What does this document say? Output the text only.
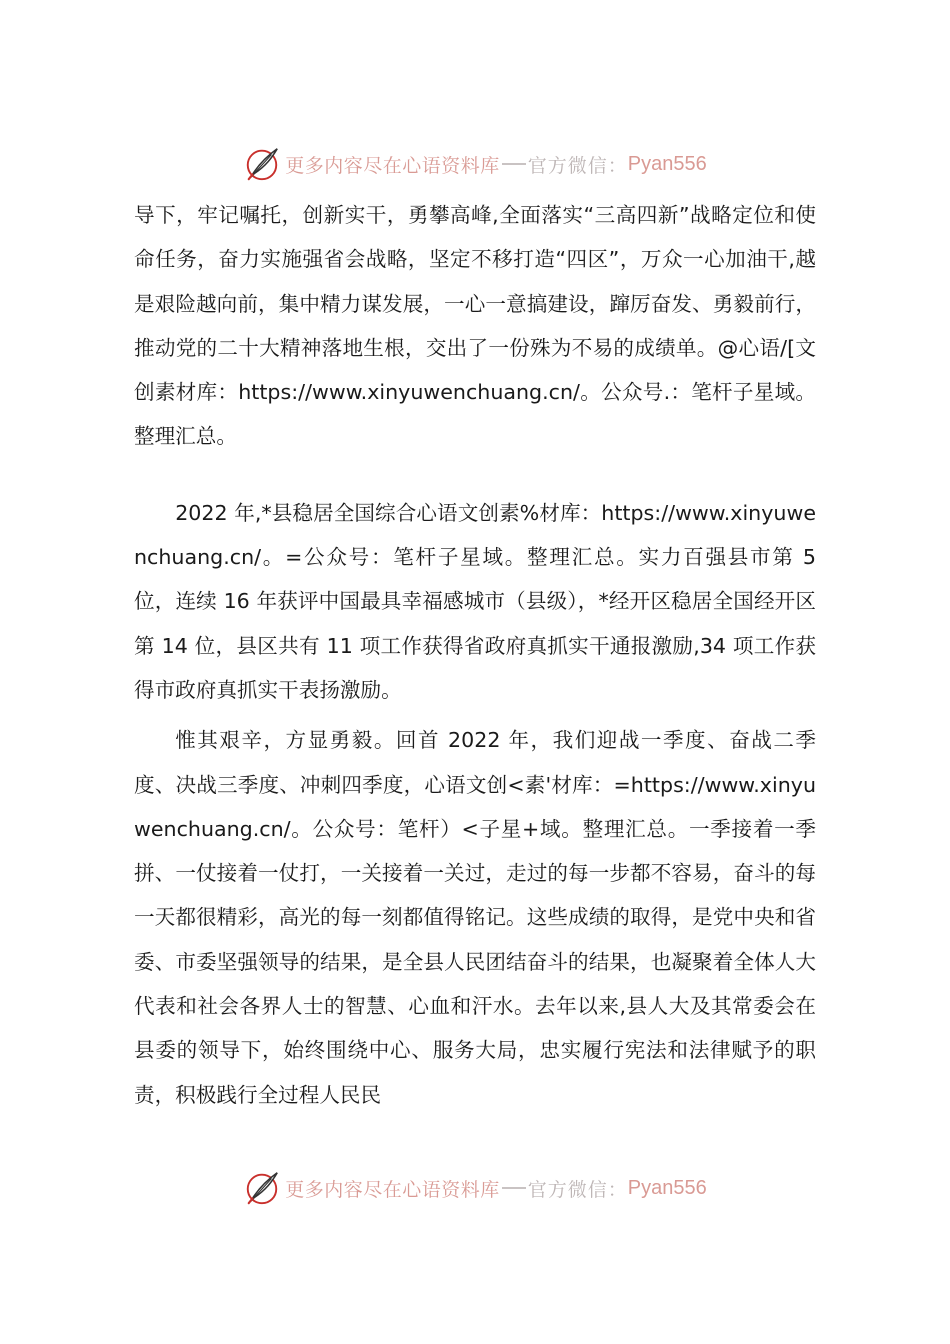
更多内容尽在心语资料库 官方微信： Pyan556

导下，牢记嘱托，创新实干，勇攀高峰,全面落实“三高四新”战略定位和使命任务，奋力实施强省会战略，坚定不移打造“四区”，万众一心加油干,越是艰险越向前，集中精力谋发展，一心一意搞建设，蹿厉奋发、勇毅前行，推动党的二十大精神落地生根，交出了一份殊为不易的成绩单。@心语/[文创素材库：https://www.xinyuwenchuang.cn/。公众号.：笔杆子星域。整理汇总。

2022 年,*县稳居全国综合心语文创素%材库：https://www.xinyuwenchuang.cn/。=公众号：笔杆子星域。整理汇总。实力百强县市第 5 位，连续 16 年获评中国最具幸福感城市（县级），*经开区稳居全国经开区第 14 位，县区共有 11 项工作获得省政府真抓实干通报激励,34 项工作获得市政府真抓实干表扬激励。

惟其艰辛，方显勇毅。回首 2022 年，我们迎战一季度、奋战二季度、决战三季度、冲刺四季度，心语文创<素'材库：=https://www.xinyuwenchuang.cn/。公众号：笔杆）<子星+域。整理汇总。一季接着一季拼、一仗接着一仗打，一关接着一关过，走过的每一步都不容易，奋斗的每一天都很精彩，高光的每一刻都值得铭记。这些成绩的取得，是党中央和省委、市委坚强领导的结果，是全县人民团结奋斗的结果，也凝聚着全体人大代表和社会各界人士的智慧、心血和汗水。去年以来,县人大及其常委会在县委的领导下，始终围绕中心、服务大局，忠实履行宪法和法律赋予的职责，积极践行全过程人民民

更多内容尽在心语资料库 官方微信： Pyan556
